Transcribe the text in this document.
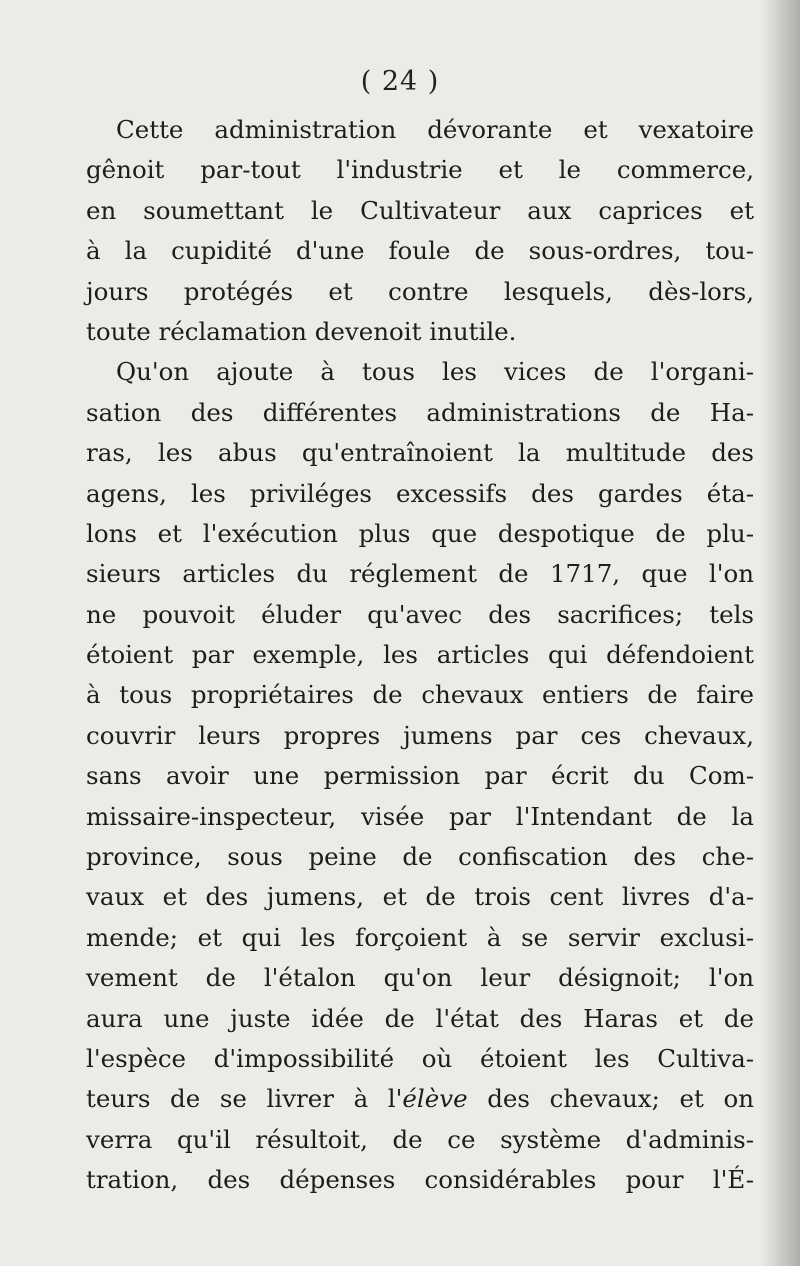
( 24 )
Cette administration dévorante et vexatoire
gênoit par-tout l'industrie et le commerce,
en soumettant le Cultivateur aux caprices et
à la cupidité d'une foule de sous-ordres, tou-
jours protégés et contre lesquels, dès-lors,
toute réclamation devenoit inutile.
Qu'on ajoute à tous les vices de l'organi-
sation des différentes administrations de Ha-
ras, les abus qu'entraînoient la multitude des
agens, les priviléges excessifs des gardes éta-
lons et l'exécution plus que despotique de plu-
sieurs articles du réglement de 1717, que l'on
ne pouvoit éluder qu'avec des sacrifices; tels
étoient par exemple, les articles qui défendoient
à tous propriétaires de chevaux entiers de faire
couvrir leurs propres jumens par ces chevaux,
sans avoir une permission par écrit du Com-
missaire-inspecteur, visée par l'Intendant de la
province, sous peine de confiscation des che-
vaux et des jumens, et de trois cent livres d'a-
mende; et qui les forçoient à se servir exclusi-
vement de l'étalon qu'on leur désignoit; l'on
aura une juste idée de l'état des Haras et de
l'espèce d'impossibilité où étoient les Cultiva-
teurs de se livrer à l'élève des chevaux; et on
verra qu'il résultoit, de ce système d'adminis-
tration, des dépenses considérables pour l'É-
